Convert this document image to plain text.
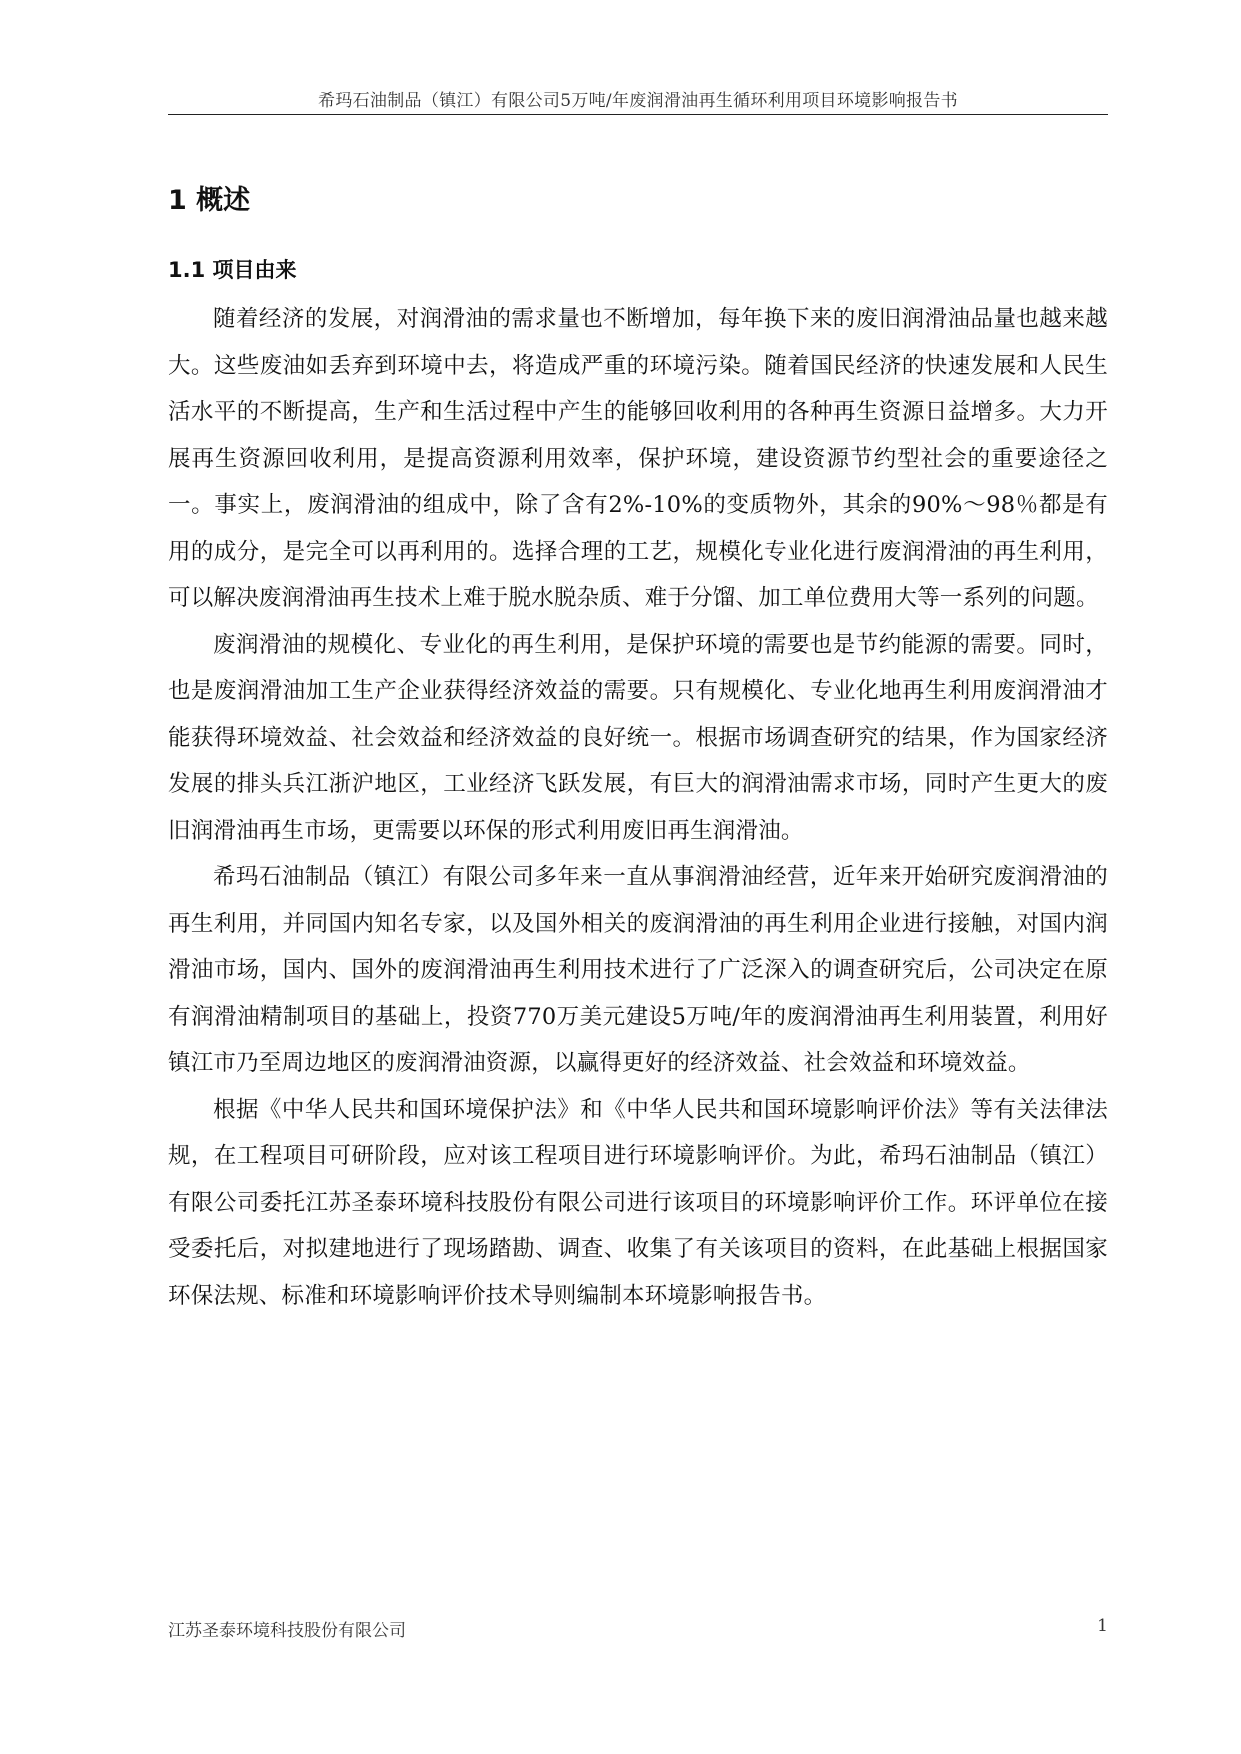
希玛石油制品（镇江）有限公司5万吨/年废润滑油再生循环利用项目环境影响报告书
1 概述
1.1 项目由来

随着经济的发展，对润滑油的需求量也不断增加，每年换下来的废旧润滑油品量也越来越大。这些废油如丢弃到环境中去，将造成严重的环境污染。随着国民经济的快速发展和人民生活水平的不断提高，生产和生活过程中产生的能够回收利用的各种再生资源日益增多。大力开展再生资源回收利用，是提高资源利用效率，保护环境，建设资源节约型社会的重要途径之一。事实上，废润滑油的组成中，除了含有2%-10%的变质物外，其余的90%～98％都是有用的成分，是完全可以再利用的。选择合理的工艺，规模化专业化进行废润滑油的再生利用，可以解决废润滑油再生技术上难于脱水脱杂质、难于分馏、加工单位费用大等一系列的问题。

废润滑油的规模化、专业化的再生利用，是保护环境的需要也是节约能源的需要。同时，也是废润滑油加工生产企业获得经济效益的需要。只有规模化、专业化地再生利用废润滑油才能获得环境效益、社会效益和经济效益的良好统一。根据市场调查研究的结果，作为国家经济发展的排头兵江浙沪地区，工业经济飞跃发展，有巨大的润滑油需求市场，同时产生更大的废旧润滑油再生市场，更需要以环保的形式利用废旧再生润滑油。

希玛石油制品（镇江）有限公司多年来一直从事润滑油经营，近年来开始研究废润滑油的再生利用，并同国内知名专家，以及国外相关的废润滑油的再生利用企业进行接触，对国内润滑油市场，国内、国外的废润滑油再生利用技术进行了广泛深入的调查研究后，公司决定在原有润滑油精制项目的基础上，投资770万美元建设5万吨/年的废润滑油再生利用装置，利用好镇江市乃至周边地区的废润滑油资源，以赢得更好的经济效益、社会效益和环境效益。

根据《中华人民共和国环境保护法》和《中华人民共和国环境影响评价法》等有关法律法规，在工程项目可研阶段，应对该工程项目进行环境影响评价。为此，希玛石油制品（镇江）有限公司委托江苏圣泰环境科技股份有限公司进行该项目的环境影响评价工作。环评单位在接受委托后，对拟建地进行了现场踏勘、调查、收集了有关该项目的资料，在此基础上根据国家环保法规、标准和环境影响评价技术导则编制本环境影响报告书。

江苏圣泰环境科技股份有限公司	1
